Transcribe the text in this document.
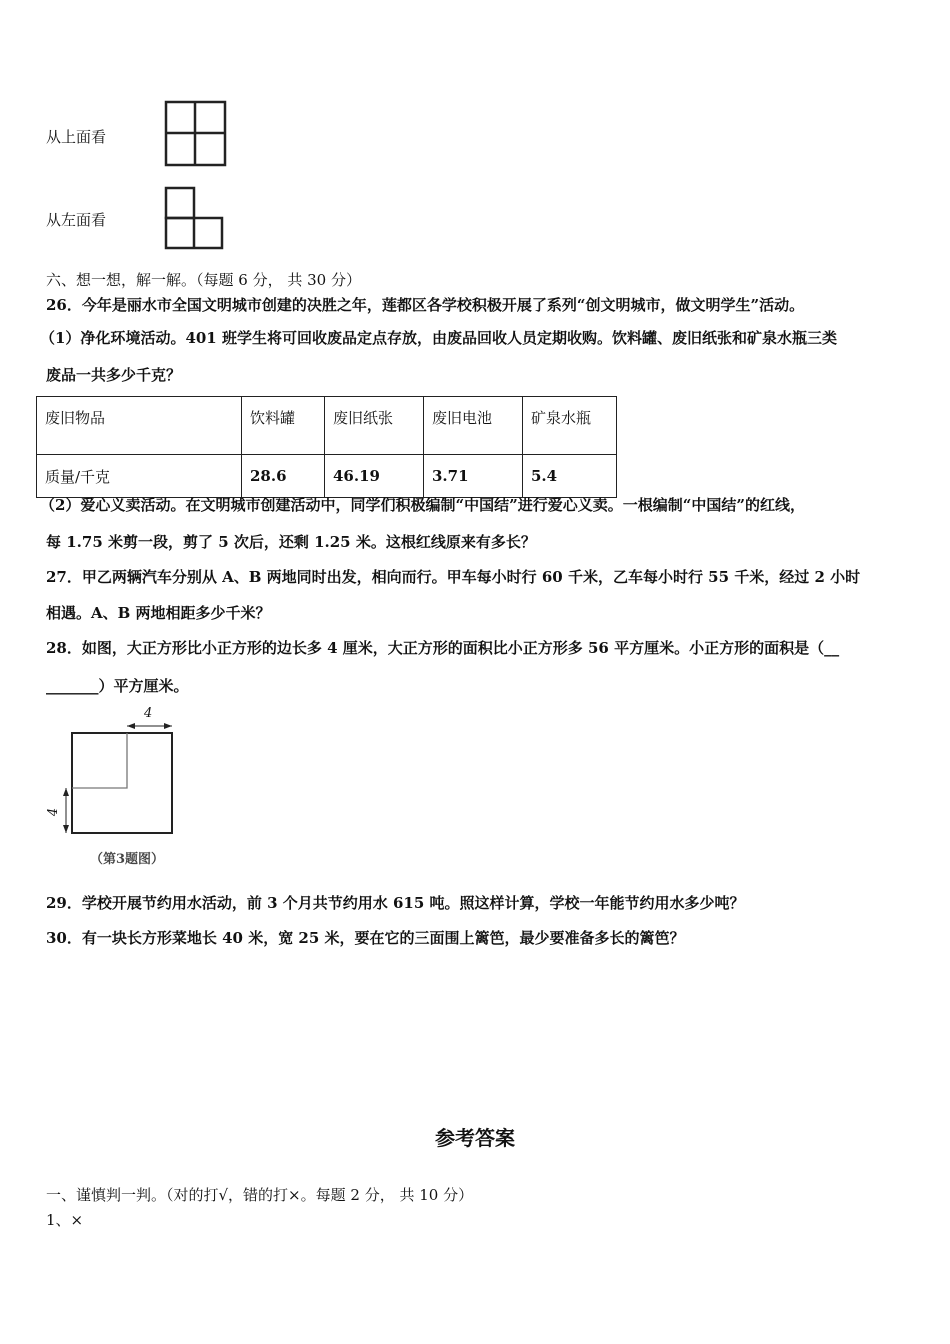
从上面看
从左面看
六、想一想，解一解。（每题 6 分， 共 30 分）
26．今年是丽水市全国文明城市创建的决胜之年，莲都区各学校积极开展了系列“创文明城市，做文明学生”活动。
（1）净化环境活动。401 班学生将可回收废品定点存放，由废品回收人员定期收购。饮料罐、废旧纸张和矿泉水瓶三类
废品一共多少千克？
废旧物品	饮料罐	废旧纸张	废旧电池	矿泉水瓶
质量/千克	28.6	46.19	3.71	5.4
（2）爱心义卖活动。在文明城市创建活动中，同学们积极编制“中国结”进行爱心义卖。一根编制“中国结”的红线，
每 1.75 米剪一段，剪了 5 次后，还剩 1.25 米。这根红线原来有多长？
27．甲乙两辆汽车分别从 A、B 两地同时出发，相向而行。甲车每小时行 60 千米，乙车每小时行 55 千米，经过 2 小时
相遇。A、B 两地相距多少千米？
28．如图，大正方形比小正方形的边长多 4 厘米，大正方形的面积比小正方形多 56 平方厘米。小正方形的面积是（__
_______）平方厘米。
4
4
（第3题图）
29．学校开展节约用水活动，前 3 个月共节约用水 615 吨。照这样计算，学校一年能节约用水多少吨？
30．有一块长方形菜地长 40 米，宽 25 米，要在它的三面围上篱笆，最少要准备多长的篱笆？
参考答案
一、谨慎判一判。（对的打√，错的打×。每题 2 分， 共 10 分）
1、×
